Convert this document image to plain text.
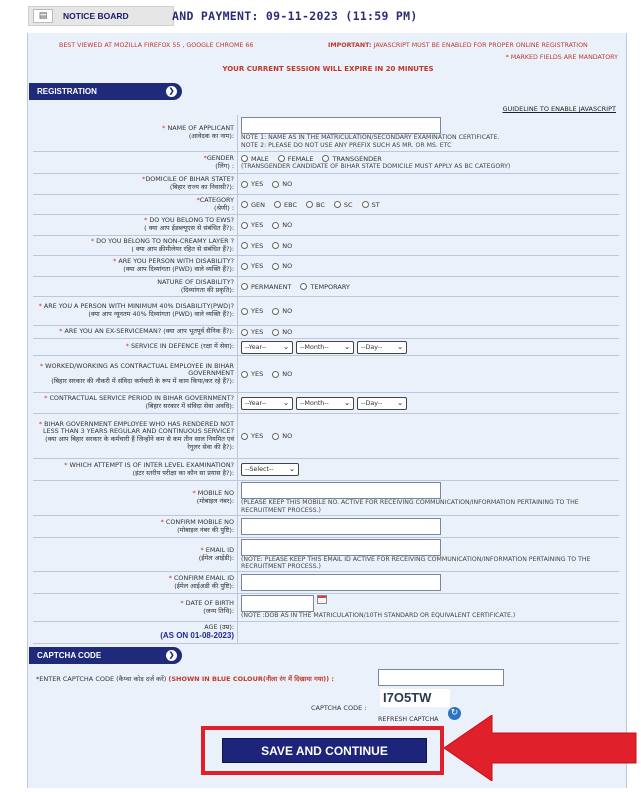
▤	NOTICE BOARD	AND PAYMENT: 09-11-2023 (11:59 PM)
BEST VIEWED AT MOZILLA FIREFOX 55 , GOOGLE CHROME 66	IMPORTANT: JAVASCRIPT MUST BE ENABLED FOR PROPER ONLINE REGISTRATION
* MARKED FIELDS ARE MANDATORY
YOUR CURRENT SESSION WILL EXPIRE IN 20 MINUTES
REGISTRATION	❯
GUIDELINE TO ENABLE JAVASCRIPT
* NAME OF APPLICANT
(आवेदक का नाम): NOTE 1: NAME AS IN THE MATRICULATION/SECONDARY EXAMINATION CERTIFICATE.
NOTE 2: PLEASE DO NOT USE ANY PREFIX SUCH AS MR. OR MS. ETC
*GENDER
(लिंग) :
MALE	FEMALE	TRANSGENDER
(TRANSGENDER CANDIDATE OF BIHAR STATE DOMICILE MUST APPLY AS BC CATEGORY)
*DOMICILE OF BIHAR STATE?
(बिहार राज्य का निवासी?):	YES	NO
*CATEGORY
(श्रेणी) :	GEN	EBC	BC	SC	ST
* DO YOU BELONG TO EWS?
( क्या आप ईडब्ल्यूएस से संबंधित हैं?):	YES	NO
* DO YOU BELONG TO NON-CREAMY LAYER ?
( क्या आप क्रीमीलेयर रहित से संबंधित हैं?):	YES	NO
* ARE YOU PERSON WITH DISABILITY?
(क्या आप दिव्यांगता (PWD) वाले व्यक्ति हैं?):	YES	NO
NATURE OF DISABILITY?
(दिव्यांगता की प्रकृति):	PERMANENT	TEMPORARY
* ARE YOU A PERSON WITH MINIMUM 40% DISABILITY(PWD)?
(क्या आप न्यूनतम 40% दिव्यांगता (PWD) वाले व्यक्ति हैं?):	YES	NO
* ARE YOU AN EX-SERVICEMAN? (क्या आप भूतपूर्व सैनिक हैं?):	YES	NO
* SERVICE IN DEFENCE (रक्षा में सेवा): --Year-- ⌄ --Month-- ⌄ --Day-- ⌄
* WORKED/WORKING AS CONTRACTUAL EMPLOYEE IN BIHAR GOVERNMENT
(बिहार सरकार की नौकरी में संविदा कर्मचारी के रूप में काम किया/कर रहे हैं?):
YES	NO
* CONTRACTUAL SERVICE PERIOD IN BIHAR GOVERNMENT?
(बिहार सरकार में संविदा सेवा अवधि): --Year-- ⌄ --Month-- ⌄ --Day-- ⌄
* BIHAR GOVERNMENT EMPLOYEE WHO HAS RENDERED NOT LESS THAN 3 YEARS REGULAR AND CONTINUOUS SERVICE?
(क्या आप बिहार सरकार के कर्मचारी हैं जिन्होंने कम से कम तीन साल नियमित एवं रेगुलर सेवा की है?):
YES	NO
* WHICH ATTEMPT IS OF INTER LEVEL EXAMINATION?
(इंटर स्तरीय परीक्षा का कौन सा प्रयास है?): --Select-- ⌄
* MOBILE NO
(मोबाइल नंबर): (PLEASE KEEP THIS MOBILE NO. ACTIVE FOR RECEIVING COMMUNICATION/INFORMATION PERTAINING TO THE RECRUITMENT PROCESS.)
* CONFIRM MOBILE NO
(मोबाइल नंबर की पुष्टि):
* EMAIL ID
(ईमेल आईडी): (NOTE: PLEASE KEEP THIS EMAIL ID ACTIVE FOR RECEIVING COMMUNICATION/INFORMATION PERTAINING TO THE RECRUITMENT PROCESS.)
* CONFIRM EMAIL ID
(ईमेल आईअडी की पुष्टि):
* DATE OF BIRTH
(जन्म तिथि):
(NOTE :DOB AS IN THE MATRICULATION/10TH STANDARD OR EQUIVALENT CERTIFICATE.)
AGE (उम्र):
(AS ON 01-08-2023)
CAPTCHA CODE	❯
*ENTER CAPTCHA CODE (कैप्चा कोड दर्ज करें) (SHOWN IN BLUE COLOUR(नीला रंग में दिखाया गया)) :
CAPTCHA CODE :
I7O5TW
↻
REFRESH CAPTCHA
SAVE AND CONTINUE
